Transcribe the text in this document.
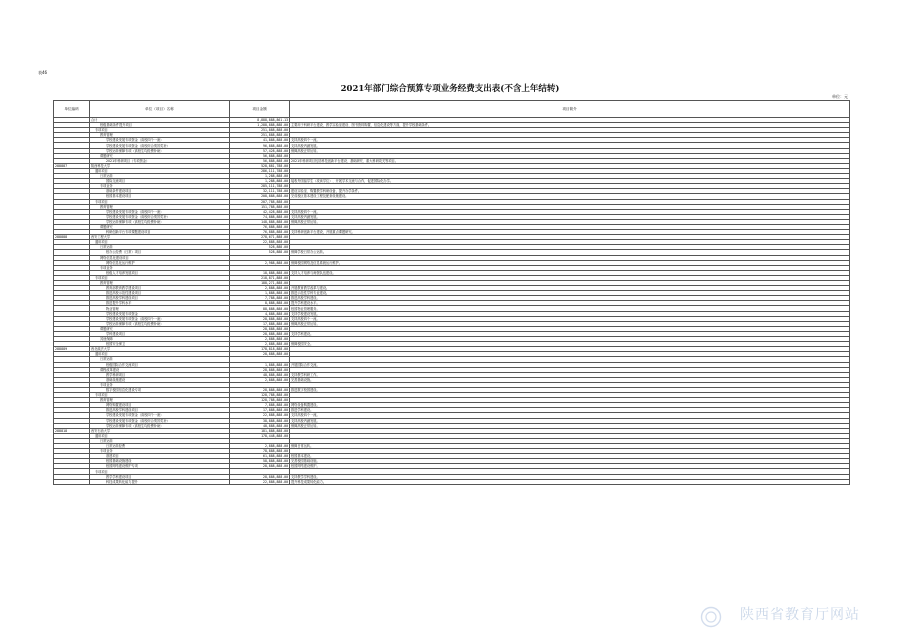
表46
2021年部门综合预算专项业务经费支出表(不含上年结转)
单位：元
单位编码	单位（项目）名称	项目金额	项目简介
	合计	8,888,888,861.13	
	校级基础条件提升项目	1,288,888,888.00	主要用于科研平台建设、教学实验室建设、图书资料购置、信息化建设等方面，提升学校基础条件。
	专项项目	251,888,888.00	
	教育管理	251,888,888.00	
	学校建设发展专项资金（高校四个一流）	41,888,888.00	支持高校四个一流。
	学校建设发展专项资金（高校综合绩效奖补）	96,888,888.00	支持高校内涵发展。
	学校运转保障专项（高校生均经费补助）	57,428,888.00	保障高校正常运转。
	课题研究	56,888,888.00	
	2021年科研项目（专项资金）	56,888,888.00	2021年科研项目包括科技创新平台建设、基础研究、重大科研攻关等项目。
288887	陕西科技大学	528,881,788.00	
	通用项目	286,111,788.00	
	日常运转	1,288,888.00	
	国际交流项目	1,288,888.00	接收外国留学生（攻读学位）、开展学术交流与合作，促进国际化办学。
	专项业务	285,111,788.00	
	基础条件建设项目	32,111,788.00	建设实验室、购置教学科研设备，提升办学条件。
	校园基本建设项目	208,888,888.00	完成校区基本建设工程及配套设施建设。
	专项项目	207,788,888.00	
	教育管理	151,788,888.00	
	学校建设发展专项资金（高校四个一流）	42,428,888.00	支持高校四个一流。
	学校建设发展专项资金（高校综合绩效奖补）	74,888,888.00	支持高校内涵发展。
	学校运转保障专项（高校生均经费补助）	148,888,888.00	保障高校正常运转。
	课题研究	76,888,888.00	
	科研创新平台专项课题建设项目	76,888,888.00	支持科研创新平台建设，开展重点课题研究。
288888	西安工程大学	278,671,888.00	
	通用项目	22,888,888.00	
	日常运转	528,888.00	
	校办公经费（日常）项目	528,888.00	保障学校日常办公运转。
	网络信息化建设项目		
	网络信息化运行维护	2,988,888.00	保障校园网络及信息系统运行维护。
	专项业务		
	校级人才培养发展项目	18,888,888.00	支持人才培养与师资队伍建设。
	专项项目	218,871,888.00	
	教育管理	188,271,888.00	
	教育部教育教学建设项目	2,888,888.00	开展教育教学改革与建设。
	推进高校示范性建设项目	1,888,888.00	推进示范性学科专业建设。
	推进高校学科建设项目	7,788,888.00	推进高校学科建设。
	推进提升学科水平	8,888,888.00	提升学科建设水平。
	物业管理	88,888,888.00	校园物业管理服务。
	学校建设发展专项资金	4,888,888.00	支持学校建设发展。
	学校建设发展专项资金（高校四个一流）	28,888,888.00	支持高校四个一流。
	学校运转保障专项（高校生均经费补助）	17,888,888.00	保障高校正常运转。
	课题研究	28,888,888.00	
	学科建设项目	28,888,888.00	支持学科建设。
	其他保障	2,888,888.00	
	校园安全保卫	2,888,888.00	保障校园安全。
288889	西北政法大学	178,818,888.00	
	通用项目	28,888,888.00	
	日常运转		
	校级国际合作交流项目	1,888,888.00	开展国际合作交流。
	课程改革建设	28,888,888.00	
	教学科研项目	48,888,888.00	支持教学科研工作。
	基础设施建设	2,888,888.00	完善基础设施。
	专项业务		
	数字校园信息化建设专项	28,888,888.00	推进数字校园建设。
	专项项目	128,788,888.00	
	教育管理	128,788,888.00	
	网络购置建设项目	7,888,888.00	网络设备购置建设。
	推进高校学科建设项目	17,888,888.00	推进学科建设。
	学校建设发展专项资金（高校四个一流）	22,888,888.00	支持高校四个一流。
	学校建设发展专项资金（高校综合绩效奖补）	38,888,888.00	支持高校内涵发展。
	学校运转保障专项（高校生均经费补助）	48,888,888.00	保障高校正常运转。
288818	西安石油大学	181,888,888.00	
	通用项目	178,448,888.00	
	日常运转		
	日常运转经费	2,888,888.00	保障日常运转。
	专项业务	78,888,888.00	
	基建项目	61,888,888.00	校园基本建设。
	校园基础设施建设	58,888,888.00	完善校园基础设施。
	校园网络建设维护专项	28,888,888.00	校园网络建设维护。
	专项项目		
	教学学科建设项目	28,888,888.00	支持教学学科建设。
	科技成果转化能力提升	22,888,888.00	提升科技成果转化能力。
陕西省教育厅网站
